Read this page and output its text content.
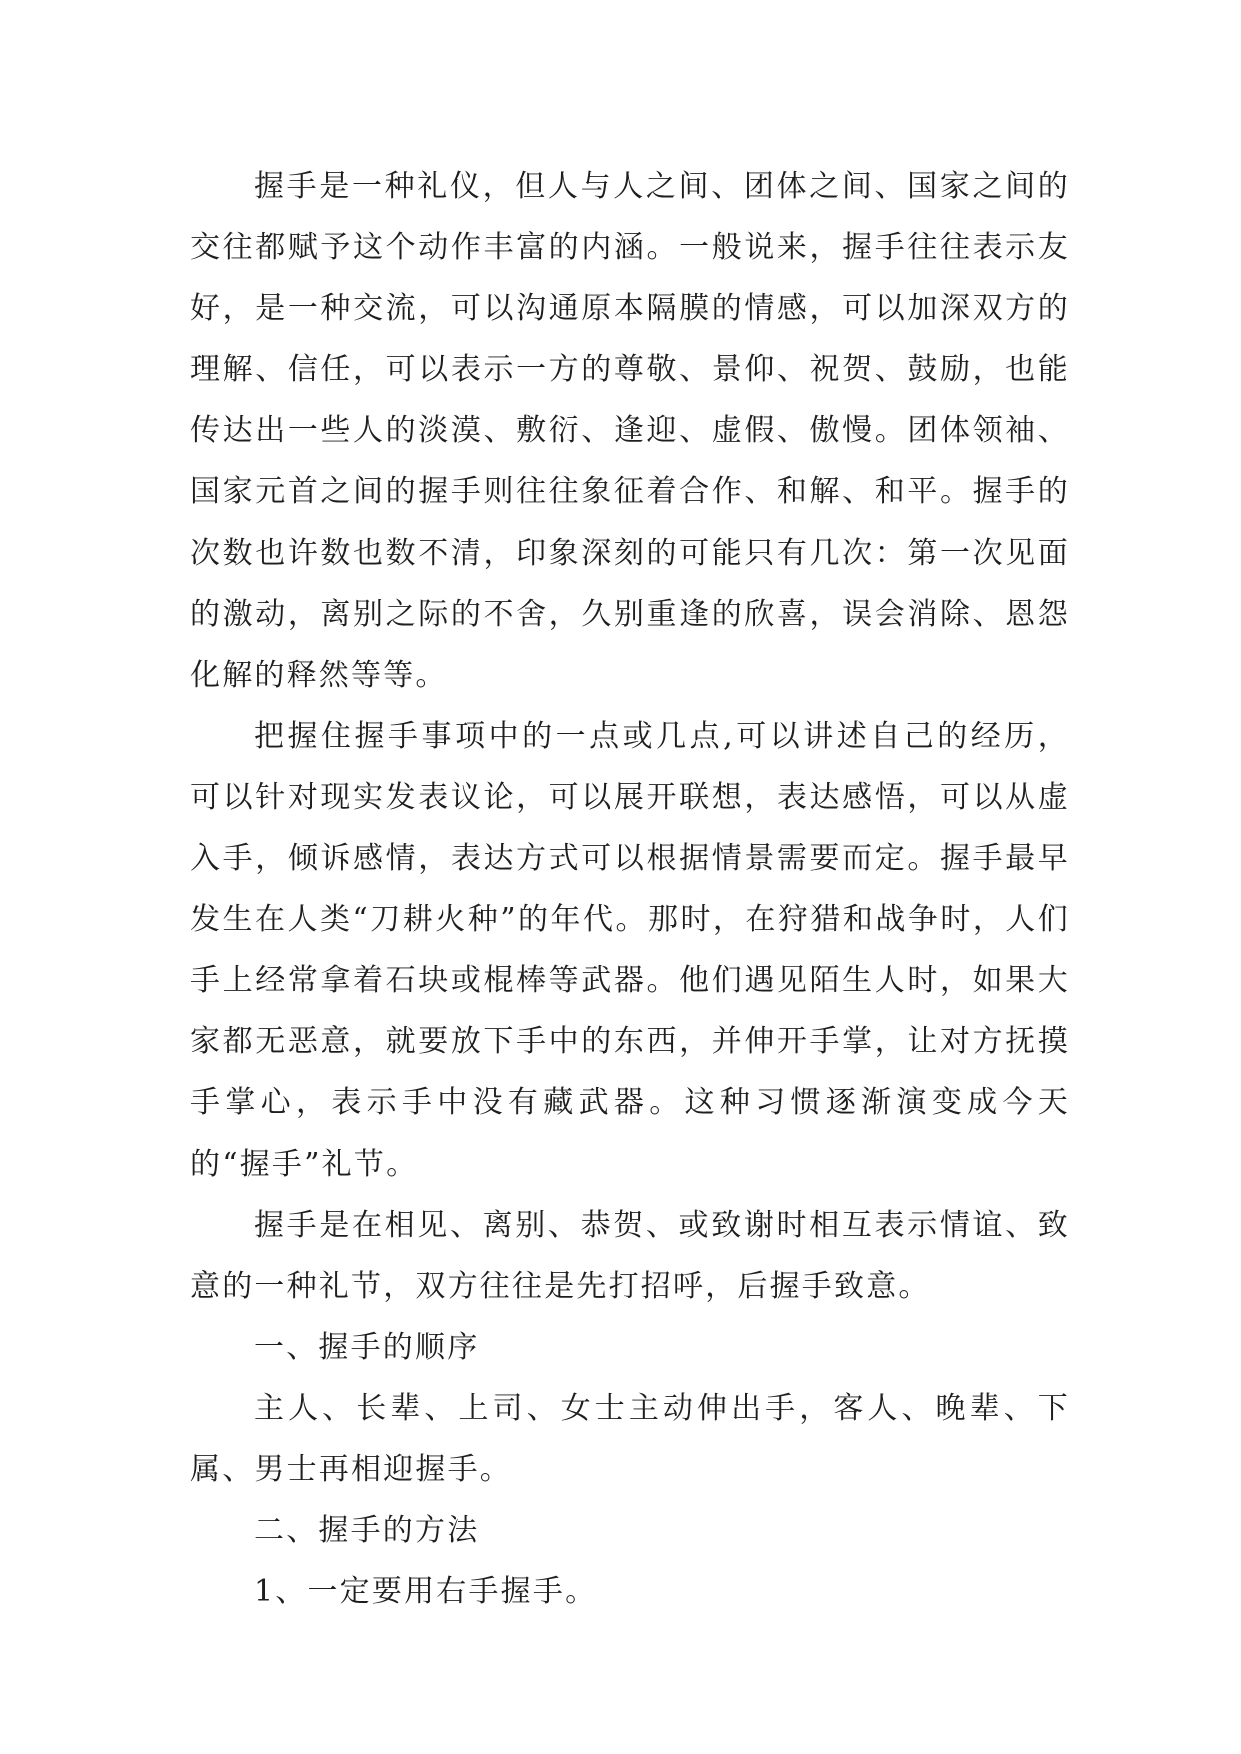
握手是一种礼仪，但人与人之间、团体之间、国家之间的交往都赋予这个动作丰富的内涵。一般说来，握手往往表示友好，是一种交流，可以沟通原本隔膜的情感，可以加深双方的理解、信任，可以表示一方的尊敬、景仰、祝贺、鼓励，也能传达出一些人的淡漠、敷衍、逢迎、虚假、傲慢。团体领袖、国家元首之间的握手则往往象征着合作、和解、和平。握手的次数也许数也数不清，印象深刻的可能只有几次：第一次见面的激动，离别之际的不舍，久别重逢的欣喜，误会消除、恩怨化解的释然等等。

把握住握手事项中的一点或几点,可以讲述自己的经历，可以针对现实发表议论，可以展开联想，表达感悟，可以从虚入手，倾诉感情，表达方式可以根据情景需要而定。握手最早发生在人类“刀耕火种”的年代。那时，在狩猎和战争时，人们手上经常拿着石块或棍棒等武器。他们遇见陌生人时，如果大家都无恶意，就要放下手中的东西，并伸开手掌，让对方抚摸手掌心，表示手中没有藏武器。这种习惯逐渐演变成今天的“握手”礼节。

握手是在相见、离别、恭贺、或致谢时相互表示情谊、致意的一种礼节，双方往往是先打招呼，后握手致意。

一、握手的顺序

主人、长辈、上司、女士主动伸出手，客人、晚辈、下属、男士再相迎握手。

二、握手的方法

1、一定要用右手握手。
